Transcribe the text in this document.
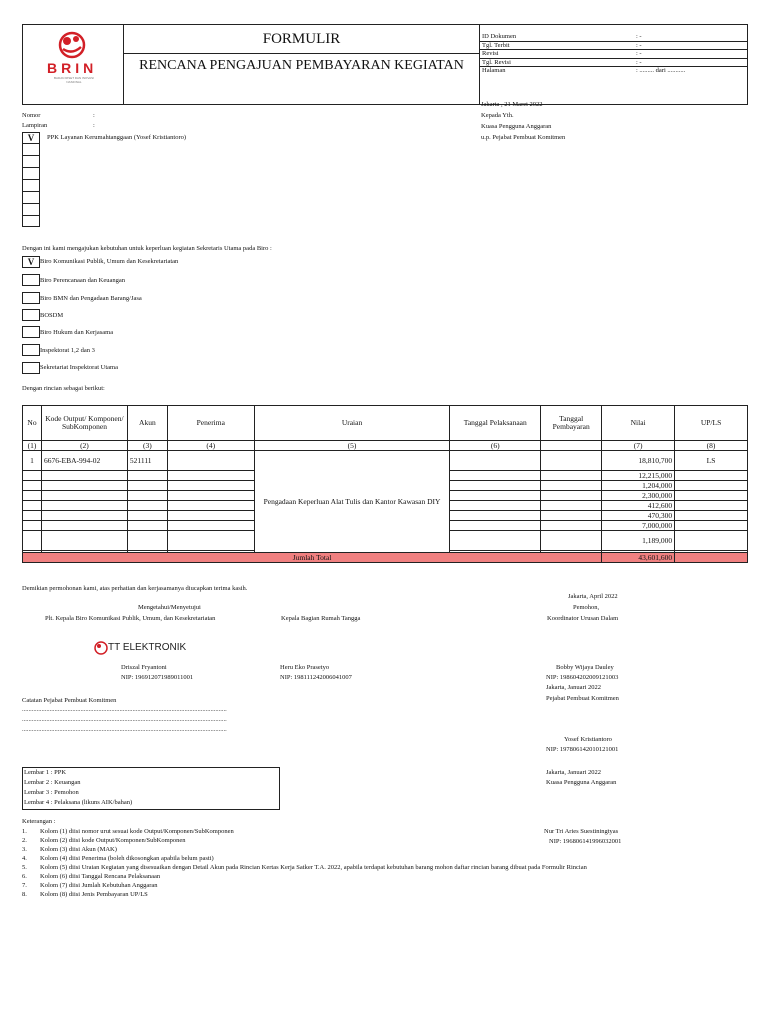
BRIN
BADAN RISET DAN INOVASI NASIONAL
FORMULIR
RENCANA PENGAJUAN PEMBAYARAN KEGIATAN
ID Dokumen	: -
Tgl. Terbit	: -
Revisi	: -
Tgl. Revisi	: -
Halaman	: ......... dari ...........
Jakarta , 21 Maret 2022
Kepada Yth.
Kuasa Pengguna Anggaran
u.p. Pejabat Pembuat Komitmen
Nomor	:
Lampiran	:
V	PPK Layanan Kerumahtanggaan (Yosef Kristiantoro)
Dengan ini kami mengajukan kebutuhan untuk keperluan kegiatan Sekretaris Utama pada Biro :
V Biro Komunikasi Publik, Umum dan Kesekretariatan
Biro Perencanaan dan Keuangan
Biro BMN dan Pengadaan Barang/Jasa
BOSDM
Biro Hukum dan Kerjasama
Inspektorat 1,2 dan 3
Sekretariat Inspektorat Utama
Dengan rincian sebagai berikut:
No	Kode Output/ Komponen/ SubKomponen	Akun	Penerima	Uraian	Tanggal Pelaksanaan	Tanggal Pembayaran	Nilai	UP/LS
(1)	(2)	(3)	(4)	(5)	(6)		(7)	(8)
1	6676-EBA-994-02	521111		Pengadaan Keperluan Alat Tulis dan Kantor Kawasan DIY			18,810,700	LS
							12,215,000	
							1,204,000	
							2,300,000	
							412,600	
							470,300	
							7,000,000	
							1,189,000	

Jumlah Total							43,601,600	
Demikian permohonan kami, atas perhatian dan kerjasamanya diucapkan terima kasih.
Jakarta, April 2022
Pemohon,
Mengetahui/Menyetujui
Plt. Kepala Biro Komunikasi Publik, Umum, dan Kesekretariatan	Kepala Bagian Rumah Tangga	Koordinator Urusan Dalam
TT ELEKTRONIK
Driszal Fryantoni
NIP: 196912071989011001
Heru Eko Prasetyo
NIP: 198111242006041007
Bobby Wijaya Dauley
NIP: 198604202009121003
Jakarta, Januari 2022
Pejabat Pembuat Komitmen
Catatan Pejabat Pembuat Komitmen
..............................................................................................................................
..............................................................................................................................
..............................................................................................................................
Yosef Kristiantoro
NIP: 197806142010121001
Lembar 1 : PPK
Lembar 2 : Keuangan
Lembar 3 : Pemohon
Lembar 4 : Pelaksana (likuns AIK/bahan)
Jakarta, Januari 2022
Kuasa Pengguna Anggaran
Keterangan :
Nur Tri Aries Suestiningtyas
NIP: 196806141996032001
1. Kolom (1) diisi nomor urut sesuai kode Output/Komponen/SubKomponen
2. Kolom (2) diisi kode Output/Komponen/SubKomponen
3. Kolom (3) diisi Akun (MAK)
4. Kolom (4) diisi Penerima (boleh dikosongkan apabila belum pasti)
5. Kolom (5) diisi Uraian Kegiatan yang disesuaikan dengan Detail Akun pada Rincian Kertas Kerja Satker T.A. 2022, apabila terdapat kebutuhan barang mohon daftar rincian barang dibuat pada Formulir Rincian
6. Kolom (6) diisi Tanggal Rencana Pelaksanaan
7. Kolom (7) diisi Jumlah Kebutuhan Anggaran
8. Kolom (8) diisi Jenis Pembayaran UP/LS
